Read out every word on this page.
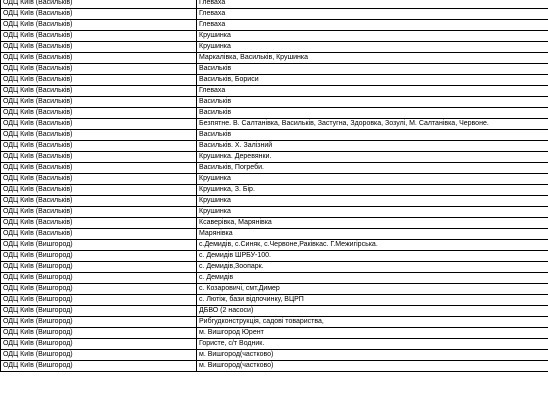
ОДЦ Київ (Васильків)	Глеваха
ОДЦ Київ (Васильків)	Глеваха
ОДЦ Київ (Васильків)	Глеваха
ОДЦ Київ (Васильків)	Крушинка
ОДЦ Київ (Васильків)	Крушинка
ОДЦ Київ (Васильків)	Маркалівка, Васильків, Крушинка
ОДЦ Київ (Васильків)	Васильків
ОДЦ Київ (Васильків)	Васильків, Бориси
ОДЦ Київ (Васильків)	Глеваха
ОДЦ Київ (Васильків)	Васильків
ОДЦ Київ (Васильків)	Васильків
ОДЦ Київ (Васильків)	Безпятне. В. Салтанівка, Васильків, Застугна, Здоровка, Зозулі, М. Салтанівка, Червоне.
ОДЦ Київ (Васильків)	Васильків
ОДЦ Київ (Васильків)	Васильків. Х. Залізний
ОДЦ Київ (Васильків)	Крушинка. Деревянки.
ОДЦ Київ (Васильків)	Васильків, Погреби.
ОДЦ Київ (Васильків)	Крушинка
ОДЦ Київ (Васильків)	Крушинка, З. Бір.
ОДЦ Київ (Васильків)	Крушинка
ОДЦ Київ (Васильків)	Крушинка
ОДЦ Київ (Васильків)	Ксаверівка, Марянівка
ОДЦ Київ (Васильків)	Марянівка
ОДЦ Київ (Вишгород)	с.Демидів, с.Синяк, с.Червоне,Раківкас. Г.Межигірська.
ОДЦ Київ (Вишгород)	с. Демидів ШРБУ-100.
ОДЦ Київ (Вишгород)	с. Демидів,Зоопарк.
ОДЦ Київ (Вишгород)	с. Демидів
ОДЦ Київ (Вишгород)	с. Козаровичі, смт.Димер
ОДЦ Київ (Вишгород)	с. Лютіж, бази відпочинку, ВЦРП
ОДЦ Київ (Вишгород)	ДБВО (2 насоси)
ОДЦ Київ (Вишгород)	Рибгудконструкція, садові товариства,
ОДЦ Київ (Вишгород)	м. Вишгород Юрент
ОДЦ Київ (Вишгород)	Гористе, с/т Водник.
ОДЦ Київ (Вишгород)	м. Вишгород(частково)
ОДЦ Київ (Вишгород)	м. Вишгород(частково)
